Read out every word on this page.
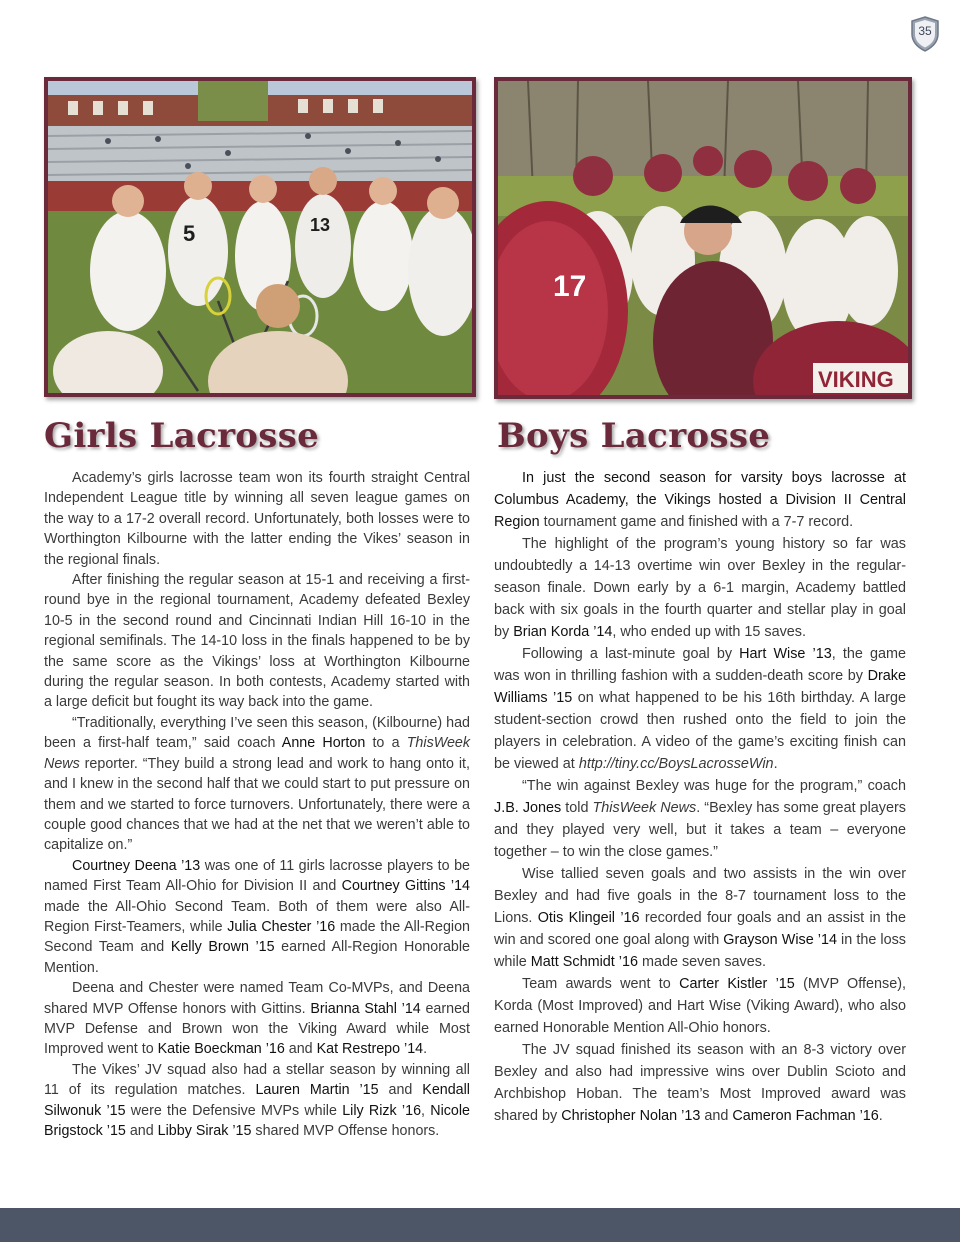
35
5	13
17
VIKING
Girls Lacrosse	Boys Lacrosse

Academy’s girls lacrosse team won its fourth straight Central Independent League title by winning all seven league games on the way to a 17-2 overall record. Unfortunately, both losses were to Worthington Kilbourne with the latter ending the Vikes’ season in the regional finals.

After finishing the regular season at 15-1 and receiving a first-round bye in the regional tournament, Academy defeated Bexley 10-5 in the second round and Cincinnati Indian Hill 16-10 in the regional semifinals. The 14-10 loss in the finals happened to be by the same score as the Vikings’ loss at Worthington Kilbourne during the regular season. In both contests, Academy started with a large deficit but fought its way back into the game.

“Traditionally, everything I’ve seen this season, (Kilbourne) had been a first-half team,” said coach Anne Horton to a ThisWeek News reporter. “They build a strong lead and work to hang onto it, and I knew in the second half that we could start to put pressure on them and we started to force turnovers. Unfortunately, there were a couple good chances that we had at the net that we weren’t able to capitalize on.”

Courtney Deena ’13 was one of 11 girls lacrosse players to be named First Team All-Ohio for Division II and Courtney Gittins ’14 made the All-Ohio Second Team. Both of them were also All-Region First-Teamers, while Julia Chester ’16 made the All-Region Second Team and Kelly Brown ’15 earned All-Region Honorable Mention.

Deena and Chester were named Team Co-MVPs, and Deena shared MVP Offense honors with Gittins. Brianna Stahl ’14 earned MVP Defense and Brown won the Viking Award while Most Improved went to Katie Boeckman ’16 and Kat Restrepo ’14.

The Vikes’ JV squad also had a stellar season by winning all 11 of its regulation matches. Lauren Martin ’15 and Kendall Silwonuk ’15 were the Defensive MVPs while Lily Rizk ’16, Nicole Brigstock ’15 and Libby Sirak ’15 shared MVP Offense honors.

In just the second season for varsity boys lacrosse at Columbus Academy, the Vikings hosted a Division II Central Region tournament game and finished with a 7-7 record.

The highlight of the program’s young history so far was undoubtedly a 14-13 overtime win over Bexley in the regular-season finale. Down early by a 6-1 margin, Academy battled back with six goals in the fourth quarter and stellar play in goal by Brian Korda ’14, who ended up with 15 saves.

Following a last-minute goal by Hart Wise ’13, the game was won in thrilling fashion with a sudden-death score by Drake Williams ’15 on what happened to be his 16th birthday. A large student-section crowd then rushed onto the field to join the players in celebration. A video of the game’s exciting finish can be viewed at http://tiny.cc/BoysLacrosseWin.

“The win against Bexley was huge for the program,” coach J.B. Jones told ThisWeek News. “Bexley has some great players and they played very well, but it takes a team – everyone together – to win the close games.”

Wise tallied seven goals and two assists in the win over Bexley and had five goals in the 8-7 tournament loss to the Lions. Otis Klingeil ’16 recorded four goals and an assist in the win and scored one goal along with Grayson Wise ’14 in the loss while Matt Schmidt ’16 made seven saves.

Team awards went to Carter Kistler ’15 (MVP Offense), Korda (Most Improved) and Hart Wise (Viking Award), who also earned Honorable Mention All-Ohio honors.

The JV squad finished its season with an 8-3 victory over Bexley and also had impressive wins over Dublin Scioto and Archbishop Hoban. The team’s Most Improved award was shared by Christopher Nolan ’13 and Cameron Fachman ’16.
